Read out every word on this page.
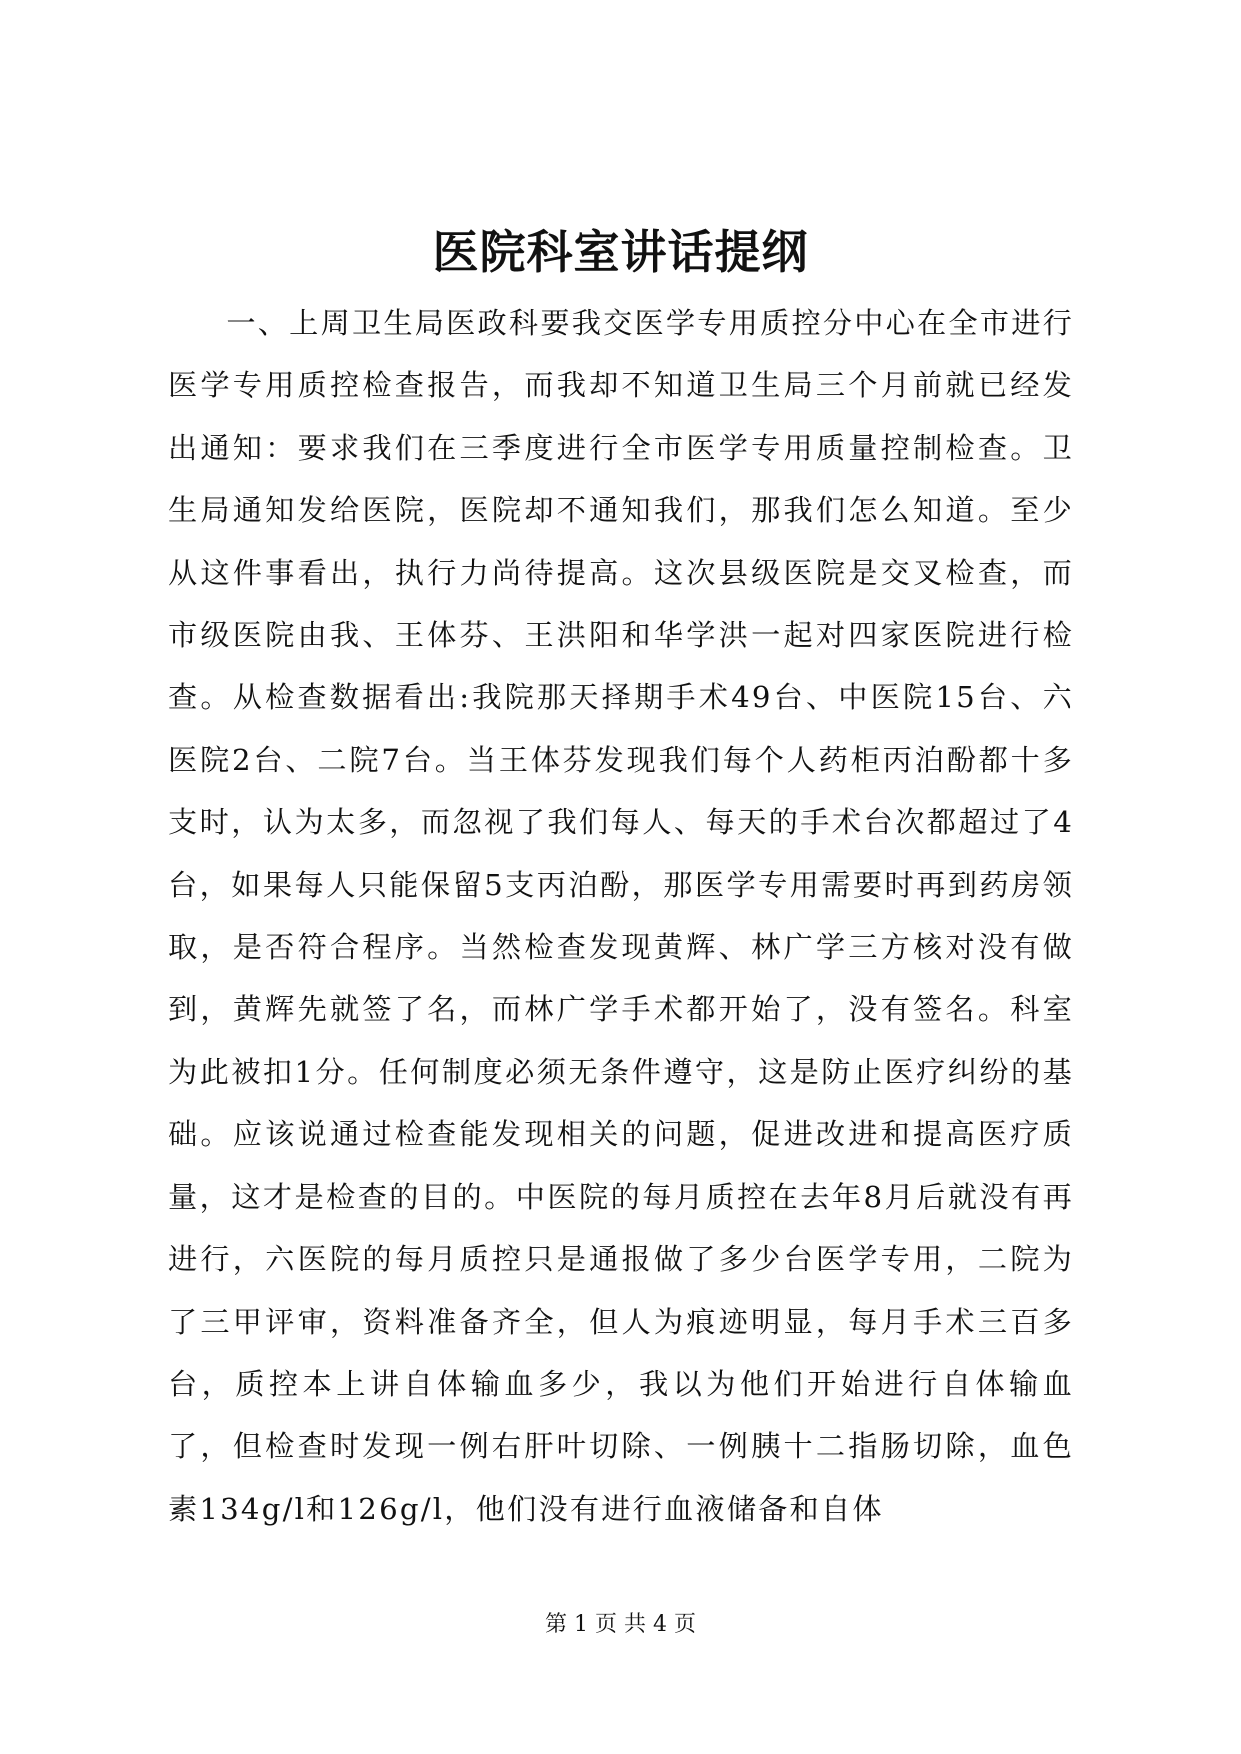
医院科室讲话提纲

一、上周卫生局医政科要我交医学专用质控分中心在全市进行医学专用质控检查报告，而我却不知道卫生局三个月前就已经发出通知：要求我们在三季度进行全市医学专用质量控制检查。卫生局通知发给医院，医院却不通知我们，那我们怎么知道。至少从这件事看出，执行力尚待提高。这次县级医院是交叉检查，而市级医院由我、王体芬、王洪阳和华学洪一起对四家医院进行检查。从检查数据看出:我院那天择期手术49台、中医院15台、六医院2台、二院7台。当王体芬发现我们每个人药柜丙泊酚都十多支时，认为太多，而忽视了我们每人、每天的手术台次都超过了4台，如果每人只能保留5支丙泊酚，那医学专用需要时再到药房领取，是否符合程序。当然检查发现黄辉、林广学三方核对没有做到，黄辉先就签了名，而林广学手术都开始了，没有签名。科室为此被扣1分。任何制度必须无条件遵守，这是防止医疗纠纷的基础。应该说通过检查能发现相关的问题，促进改进和提高医疗质量，这才是检查的目的。中医院的每月质控在去年8月后就没有再进行，六医院的每月质控只是通报做了多少台医学专用，二院为了三甲评审，资料准备齐全，但人为痕迹明显，每月手术三百多台，质控本上讲自体输血多少，我以为他们开始进行自体输血了，但检查时发现一例右肝叶切除、一例胰十二指肠切除，血色素134g/l和126g/l，他们没有进行血液储备和自体

第 1 页 共 4 页
